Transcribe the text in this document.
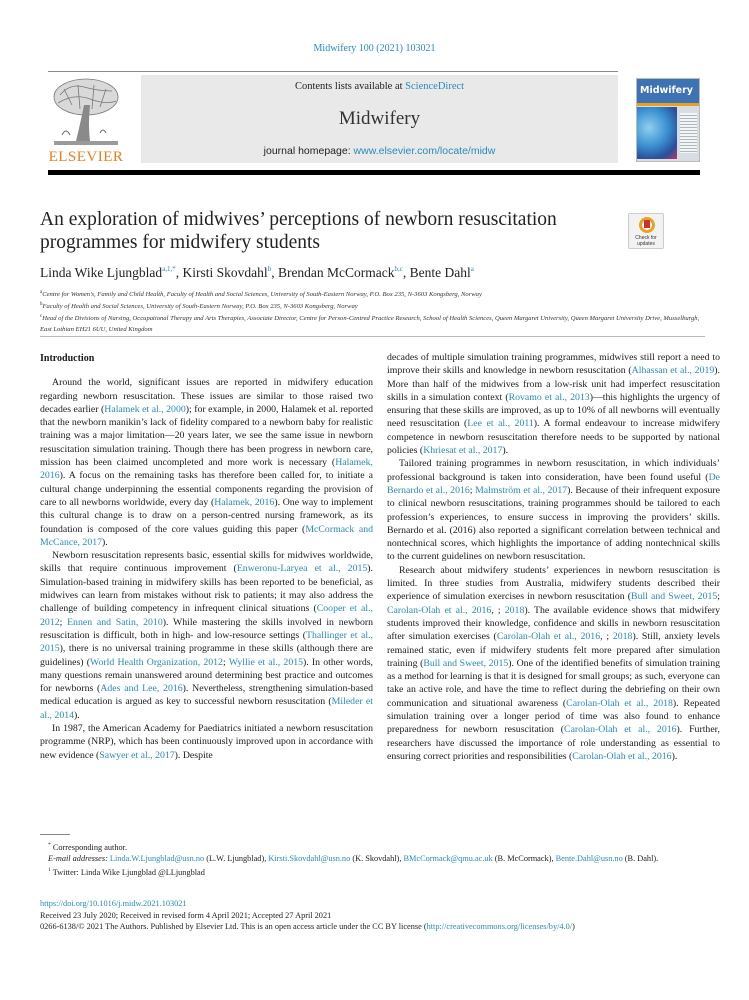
Midwifery 100 (2021) 103021
ELSEVIER
Contents lists available at ScienceDirect
Midwifery
journal homepage: www.elsevier.com/locate/midw
Midwifery
An exploration of midwives’ perceptions of newborn resuscitation programmes for midwifery students	Check for updates
Linda Wike Ljungblad$^{a,1,*}$, Kirsti Skovdahl$^b$, Brendan McCormack$^{b,c}$, Bente Dahl$^a$
$^a$Centre for Women’s, Family and Child Health, Faculty of Health and Social Sciences, University of South-Eastern Norway, P.O. Box 235, N-3603 Kongsberg, Norway
$^b$Faculty of Health and Social Sciences, University of South-Eastern Norway, P.O. Box 235, N-3603 Kongsberg, Norway
$^c$Head of the Divisions of Nursing, Occupational Therapy and Arts Therapies, Associate Director, Centre for Person-Centred Practice Research, School of Health Sciences, Queen Margaret University, Queen Margaret University Drive, Musselburgh, East Lothian EH21 6UU, United Kingdom
Introduction

Around the world, significant issues are reported in midwifery education regarding newborn resuscitation. These issues are similar to those raised two decades earlier (Halamek et al., 2000); for example, in 2000, Halamek et al. reported that the newborn manikin’s lack of fidelity compared to a newborn baby for realistic training was a major limitation—20 years later, we see the same issue in newborn resuscitation simulation training. Though there has been progress in newborn care, mission has been claimed uncompleted and more work is necessary (Halamek, 2016). A focus on the remaining tasks has therefore been called for, to initiate a cultural change underpinning the essential components regarding the provision of care to all newborns worldwide, every day (Halamek, 2016). One way to implement this cultural change is to draw on a person-centred nursing framework, as its foundation is composed of the core values guiding this paper (McCormack and McCance, 2017).

Newborn resuscitation represents basic, essential skills for midwives worldwide, skills that require continuous improvement (Enweronu-Laryea et al., 2015). Simulation-based training in midwifery skills has been reported to be beneficial, as midwives can learn from mistakes without risk to patients; it may also address the challenge of building competency in infrequent clinical situations (Cooper et al., 2012; Ennen and Satin, 2010). While mastering the skills involved in newborn resuscitation is difficult, both in high- and low-resource settings (Thallinger et al., 2015), there is no universal training programme in these skills (although there are guidelines) (World Health Organization, 2012; Wyllie et al., 2015). In other words, many questions remain unanswered around determining best practice and outcomes for newborns (Ades and Lee, 2016). Nevertheless, strengthening simulation-based medical education is argued as key to successful newborn resuscitation (Mileder et al., 2014).

In 1987, the American Academy for Paediatrics initiated a newborn resuscitation programme (NRP), which has been continuously improved upon in accordance with new evidence (Sawyer et al., 2017). Despite

decades of multiple simulation training programmes, midwives still report a need to improve their skills and knowledge in newborn resuscitation (Alhassan et al., 2019). More than half of the midwives from a low-risk unit had imperfect resuscitation skills in a simulation context (Rovamo et al., 2013)—this highlights the urgency of ensuring that these skills are improved, as up to 10% of all newborns will eventually need resuscitation (Lee et al., 2011). A formal endeavour to increase midwifery competence in newborn resuscitation therefore needs to be supported by national policies (Khriesat et al., 2017).

Tailored training programmes in newborn resuscitation, in which individuals’ professional background is taken into consideration, have been found useful (De Bernardo et al., 2016; Malmström et al., 2017). Because of their infrequent exposure to clinical newborn resuscitations, training programmes should be tailored to each profession’s experiences, to ensure success in improving the providers’ skills. Bernardo et al. (2016) also reported a significant correlation between technical and nontechnical scores, which highlights the importance of adding nontechnical skills to the current guidelines on newborn resuscitation.

Research about midwifery students’ experiences in newborn resuscitation is limited. In three studies from Australia, midwifery students described their experience of simulation exercises in newborn resuscitation (Bull and Sweet, 2015; Carolan-Olah et al., 2016, ; 2018). The available evidence shows that midwifery students improved their knowledge, confidence and skills in newborn resuscitation after simulation exercises (Carolan-Olah et al., 2016, ; 2018). Still, anxiety levels remained static, even if midwifery students felt more prepared after simulation training (Bull and Sweet, 2015). One of the identified benefits of simulation training as a method for learning is that it is designed for small groups; as such, everyone can take an active role, and have the time to reflect during the debriefing on their own communication and situational awareness (Carolan-Olah et al., 2018). Repeated simulation training over a longer period of time was also found to enhance preparedness for newborn resuscitation (Carolan-Olah et al., 2016). Further, researchers have discussed the importance of role understanding as essential to ensuring correct priorities and responsibilities (Carolan-Olah et al., 2016).

* Corresponding author.
E-mail addresses: Linda.W.Ljungblad@usn.no (L.W. Ljungblad), Kirsti.Skovdahl@usn.no (K. Skovdahl), BMcCormack@qmu.ac.uk (B. McCormack), Bente.Dahl@usn.no (B. Dahl).
$^1$ Twitter: Linda Wike Ljungblad @LLjungblad
https://doi.org/10.1016/j.midw.2021.103021
Received 23 July 2020; Received in revised form 4 April 2021; Accepted 27 April 2021
0266-6138/© 2021 The Authors. Published by Elsevier Ltd. This is an open access article under the CC BY license (http://creativecommons.org/licenses/by/4.0/)
